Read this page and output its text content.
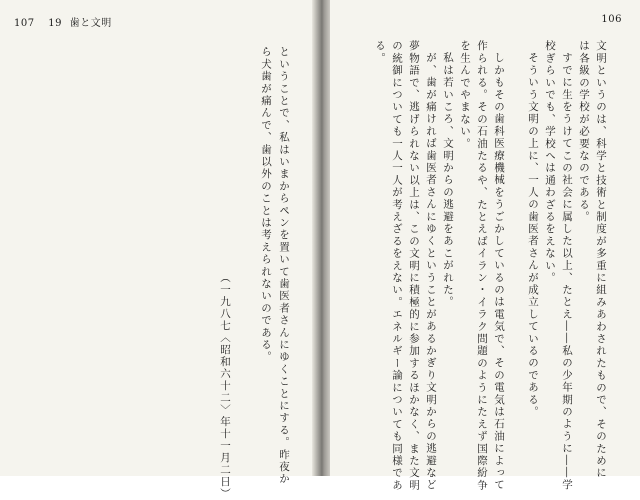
107 19 歯と文明
ということで、私はいまからペンを置いて歯医者さんにゆくことにする。昨夜か
ら犬歯が痛んで、歯以外のことは考えられないのである。
（一九八七〈昭和六十二〉年十一月二日）
106
文明というのは、科学と技術と制度が多重に組みあわされたもので、そのために
は各級の学校が必要なのである。
すでに生をうけてこの社会に属した以上、たとえ――私の少年期のように――学
校ぎらいでも、学校へは通わざるをえない。
そういう文明の上に、一人の歯医者さんが成立しているのである。
しかもその歯科医療機械をうごかしているのは電気で、その電気は石油によって
作られる。その石油たるや、たとえばイラン・イラク問題のようにたえず国際紛争
を生んでやまない。
私は若いころ、文明からの逃避をあこがれた。
が、歯が痛ければ歯医者さんにゆくということがあるかぎり文明からの逃避など
夢物語で、逃げられない以上は、この文明に積極的に参加するほかなく、また文明
の統御についても一人一人が考えざるをえない。エネルギー論についても同様であ
る。
